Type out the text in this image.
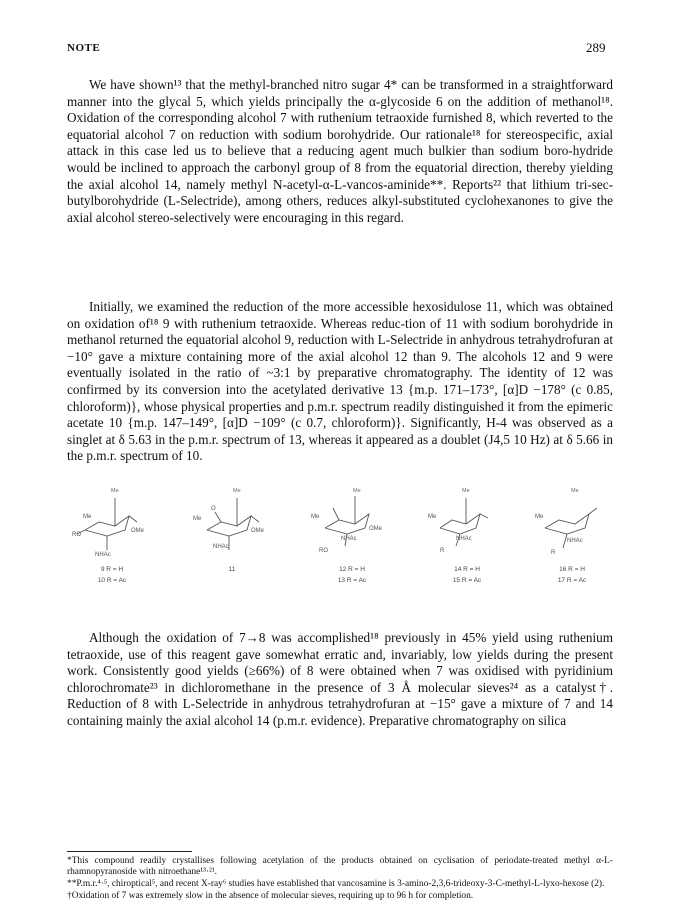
NOTE	289

We have shown¹³ that the methyl-branched nitro sugar 4* can be transformed in a straightforward manner into the glycal 5, which yields principally the α-glycoside 6 on the addition of methanol¹⁸. Oxidation of the corresponding alcohol 7 with ruthenium tetraoxide furnished 8, which reverted to the equatorial alcohol 7 on reduction with sodium borohydride. Our rationale¹⁸ for stereospecific, axial attack in this case led us to believe that a reducing agent much bulkier than sodium boro-hydride would be inclined to approach the carbonyl group of 8 from the equatorial direction, thereby yielding the axial alcohol 14, namely methyl N-acetyl-α-L-vancos-aminide**. Reports²² that lithium tri-sec-butylborohydride (L-Selectride), among others, reduces alkyl-substituted cyclohexanones to give the axial alcohol stereo-selectively were encouraging in this regard.

Initially, we examined the reduction of the more accessible hexosidulose 11, which was obtained on oxidation of¹⁸ 9 with ruthenium tetraoxide. Whereas reduc-tion of 11 with sodium borohydride in methanol returned the equatorial alcohol 9, reduction with L-Selectride in anhydrous tetrahydrofuran at −10° gave a mixture containing more of the axial alcohol 12 than 9. The alcohols 12 and 9 were eventually isolated in the ratio of ~3:1 by preparative chromatography. The identity of 12 was confirmed by its conversion into the acetylated derivative 13 {m.p. 171–173°, [α]D −178° (c 0.85, chloroform)}, whose physical properties and p.m.r. spectrum readily distinguished it from the epimeric acetate 10 {m.p. 147–149°, [α]D −109° (c 0.7, chloroform)}. Significantly, H-4 was observed as a singlet at δ 5.63 in the p.m.r. spectrum of 13, whereas it appeared as a doublet (J4,5 10 Hz) at δ 5.66 in the p.m.r. spectrum of 10.

RO
Me
OMe
NHAc
Me
9 R = H
10 R = Ac
Me
OMe
O
NHAc
Me
11
Me
OMe
NHAc
RO
Me
12 R = H
13 R = Ac
Me
NHAc
R
Me
14 R = H
15 R = Ac
Me
NHAc
R
Me
16 R = H
17 R = Ac

Although the oxidation of 7→8 was accomplished¹⁸ previously in 45% yield using ruthenium tetraoxide, use of this reagent gave somewhat erratic and, invariably, low yields during the present work. Consistently good yields (≥66%) of 8 were obtained when 7 was oxidised with pyridinium chlorochromate²³ in dichloromethane in the presence of 3 Å molecular sieves²⁴ as a catalyst†. Reduction of 8 with L-Selectride in anhydrous tetrahydrofuran at −15° gave a mixture of 7 and 14 containing mainly the axial alcohol 14 (p.m.r. evidence). Preparative chromatography on silica

*This compound readily crystallises following acetylation of the products obtained on cyclisation of periodate-treated methyl α-L-rhamnopyranoside with nitroethane¹³·²¹.
**P.m.r.⁴·⁵, chiroptical⁵, and recent X-ray⁶ studies have established that vancosamine is 3-amino-2,3,6-trideoxy-3-C-methyl-L-lyxo-hexose (2).
†Oxidation of 7 was extremely slow in the absence of molecular sieves, requiring up to 96 h for completion.
